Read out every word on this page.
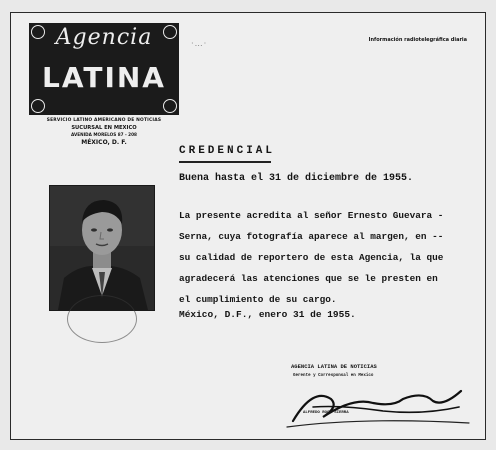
Agencia
LATINA
SERVICIO LATINO AMERICANO DE NOTICIAS
SUCURSAL EN MEXICO
AVENIDA MORELOS 87 - 208
MÉXICO, D. F.
·…·	Información radiotelegráfica diaria
CREDENCIAL
Buena hasta el 31 de diciembre de 1955.
La presente acredita al señor Ernesto Guevara -
Serna, cuya fotografía aparece al margen, en --
su calidad de reportero de esta Agencia, la que
agradecerá las atenciones que se le presten en
el cumplimiento de su cargo.
México, D.F., enero 31 de 1955.
AGENCIA LATINA DE NOTICIAS
Gerente y Corresponsal en Mexico
ALFREDO ROCA SIERRA
